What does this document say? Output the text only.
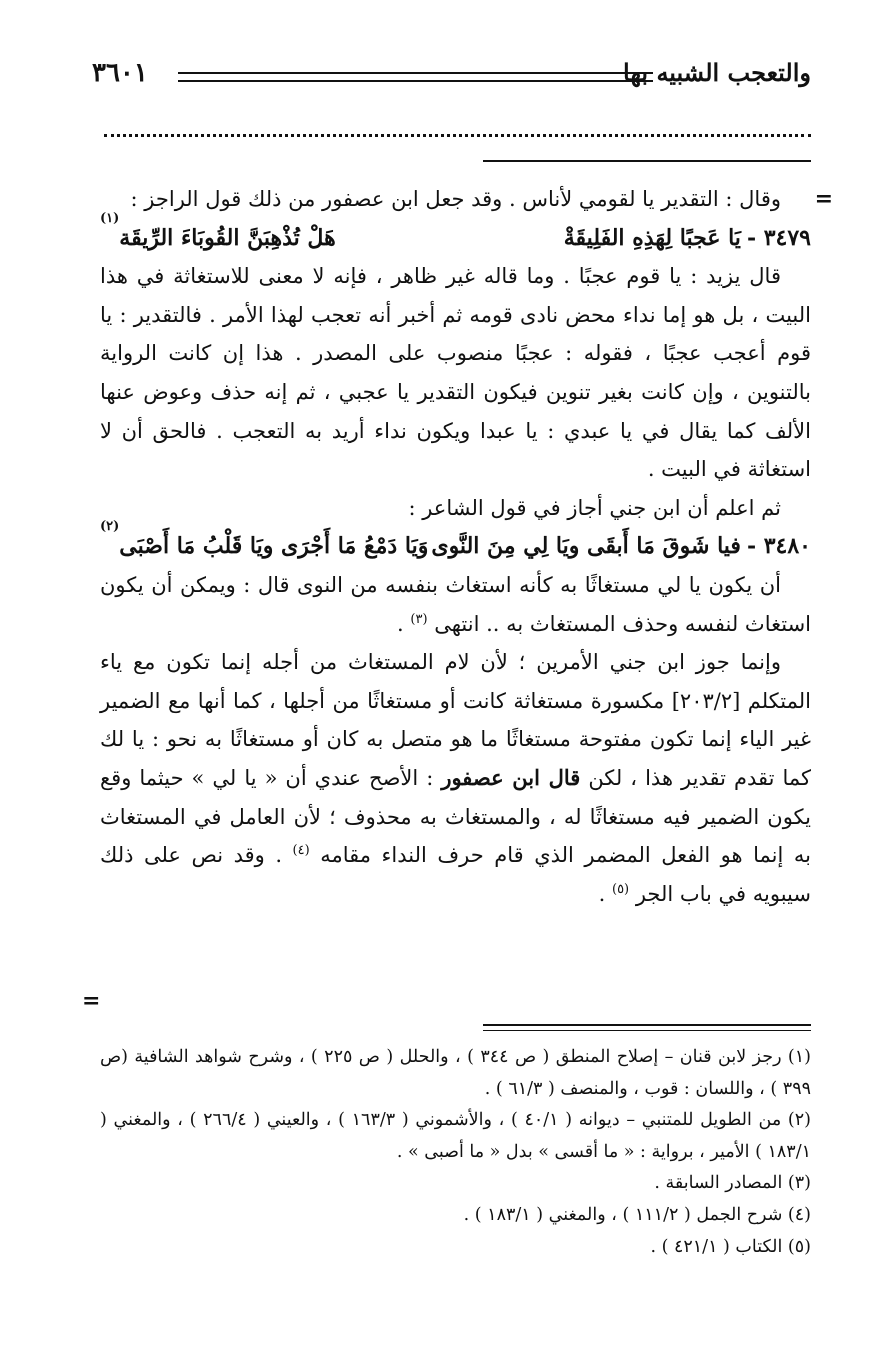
والتعجب الشبيه بها
٣٦٠١
=
=

وقال : التقدير يا لقومي لأناس . وقد جعل ابن عصفور من ذلك قول الراجز :

٣٤٧٩ -
يَا عَجبًا لِهَذِهِ الفَلِيقَةْ
هَلْ تُذْهِبَنَّ القُوبَاءَ الرِّيقَة
(١)

قال يزيد : يا قوم عجبًا . وما قاله غير ظاهر ، فإنه لا معنى للاستغاثة في هذا البيت ، بل هو إما نداء محض نادى قومه ثم أخبر أنه تعجب لهذا الأمر . فالتقدير : يا قوم أعجب عجبًا ، فقوله : عجبًا منصوب على المصدر . هذا إن كانت الرواية بالتنوين ، وإن كانت بغير تنوين فيكون التقدير يا عجبي ، ثم إنه حذف وعوض عنها الألف كما يقال في يا عبدي : يا عبدا ويكون نداء أريد به التعجب . فالحق أن لا استغاثة في البيت .

ثم اعلم أن ابن جني أجاز في قول الشاعر :

٣٤٨٠ -
فيا شَوقَ مَا أَبقَى ويَا لِي مِنَ النَّوى
وَيَا دَمْعُ مَا أَجْرَى ويَا قَلْبُ مَا أَصْبَى
(٢)

أن يكون يا لي مستغاثًا به كأنه استغاث بنفسه من النوى قال : ويمكن أن يكون استغاث لنفسه وحذف المستغاث به .. انتهى $^{(٣)}$ .

وإنما جوز ابن جني الأمرين ؛ لأن لام المستغاث من أجله إنما تكون مع ياء المتكلم [٢٠٣/٢] مكسورة مستغاثة كانت أو مستغاثًا من أجلها ، كما أنها مع الضمير غير الياء إنما تكون مفتوحة مستغاثًا ما هو متصل به كان أو مستغاثًا به نحو : يا لك كما تقدم تقدير هذا ، لكن قال ابن عصفور : الأصح عندي أن « يا لي » حيثما وقع يكون الضمير فيه مستغاثًا له ، والمستغاث به محذوف ؛ لأن العامل في المستغاث به إنما هو الفعل المضمر الذي قام حرف النداء مقامه $^{(٤)}$ . وقد نص على ذلك سيبويه في باب الجر $^{(٥)}$ .

(١) رجز لابن قنان – إصلاح المنطق ( ص ٣٤٤ ) ، والحلل ( ص ٢٢٥ ) ، وشرح شواهد الشافية (ص ٣٩٩ ) ، واللسان : قوب ، والمنصف ( ٦١/٣ ) .

(٢) من الطويل للمتنبي – ديوانه ( ٤٠/١ ) ، والأشموني ( ١٦٣/٣ ) ، والعيني ( ٢٦٦/٤ ) ، والمغني ( ١٨٣/١ ) الأمير ، برواية : « ما أقسى » بدل « ما أصبى » .

(٣) المصادر السابقة .

(٤) شرح الجمل ( ١١١/٢ ) ، والمغني ( ١٨٣/١ ) .

(٥) الكتاب ( ٤٢١/١ ) .
